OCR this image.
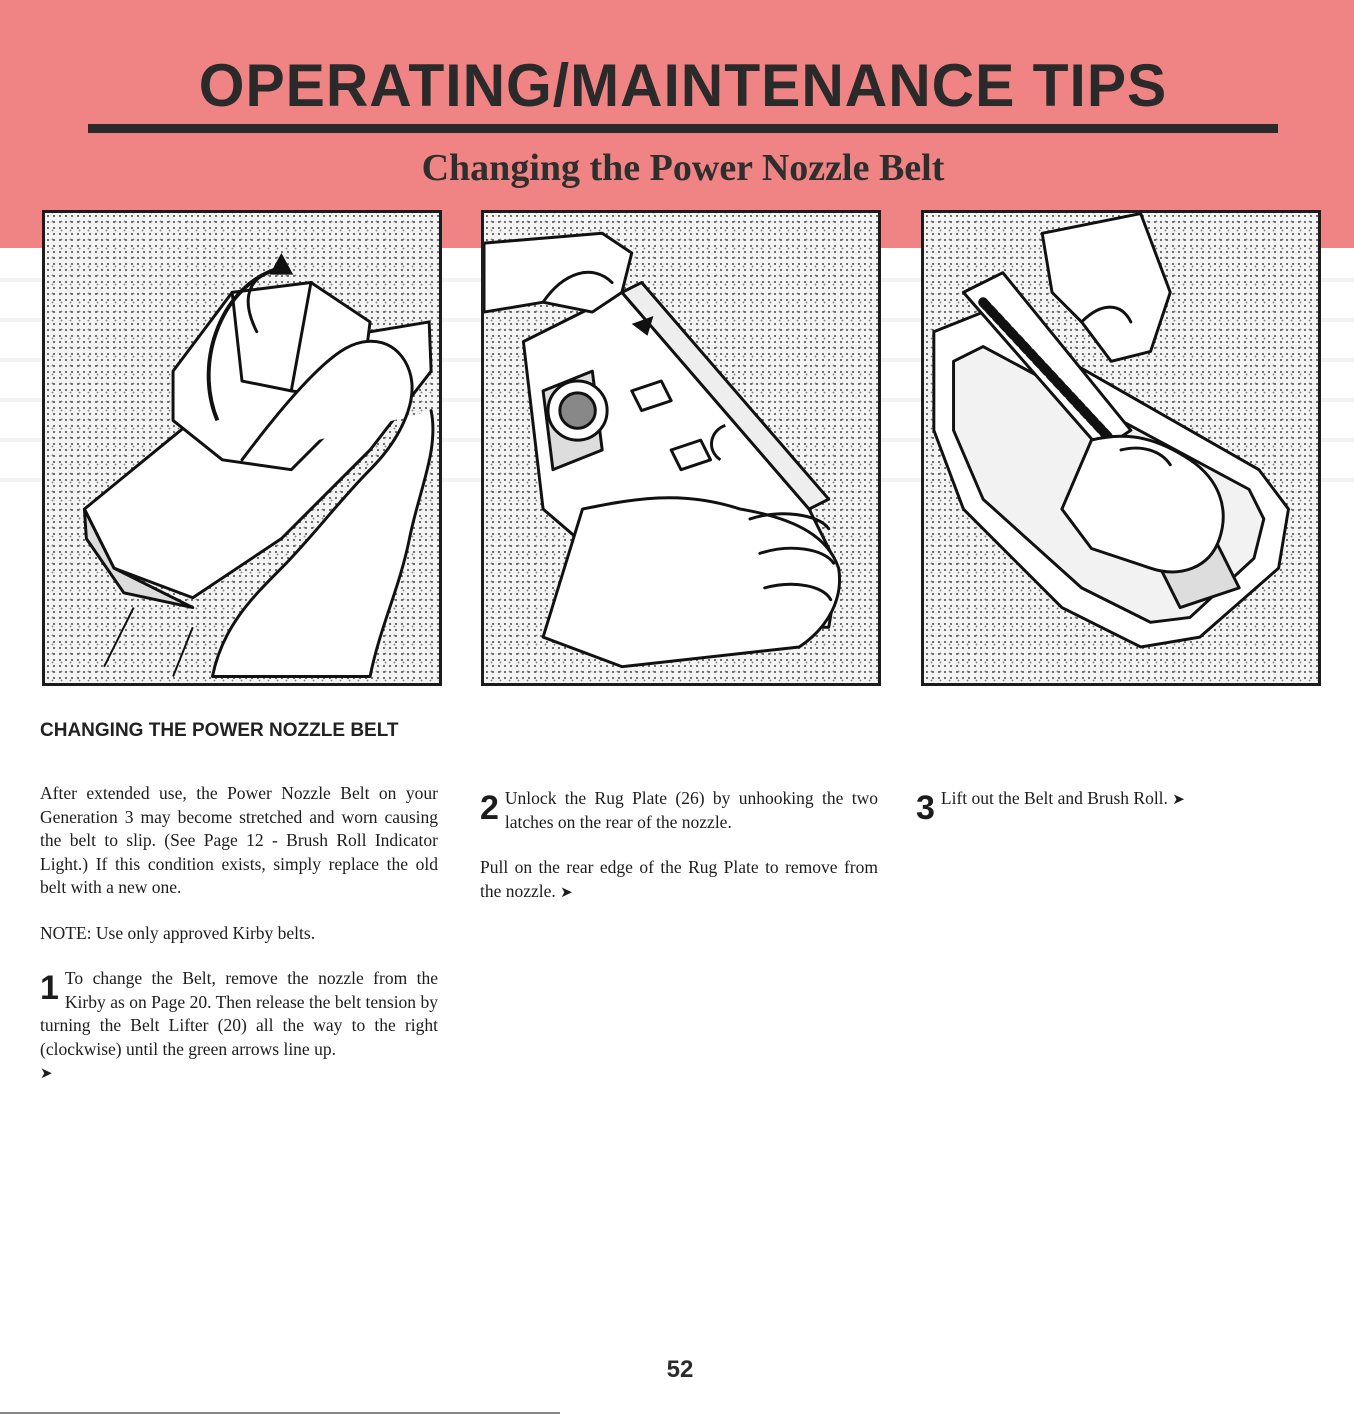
OPERATING/MAINTENANCE TIPS
Changing the Power Nozzle Belt
CHANGING THE POWER NOZZLE BELT

After extended use, the Power Nozzle Belt on your Generation 3 may become stretched and worn causing the belt to slip. (See Page 12 - Brush Roll Indicator Light.) If this condition exists, simply replace the old belt with a new one.

NOTE: Use only approved Kirby belts.

1 To change the Belt, remove the nozzle from the Kirby as on Page 20. Then release the belt tension by turning the Belt Lifter (20) all the way to the right (clockwise) until the green arrows line up.
➤

2 Unlock the Rug Plate (26) by unhooking the two latches on the rear of the nozzle.

Pull on the rear edge of the Rug Plate to remove from the nozzle. ➤

3 Lift out the Belt and Brush Roll. ➤

52
